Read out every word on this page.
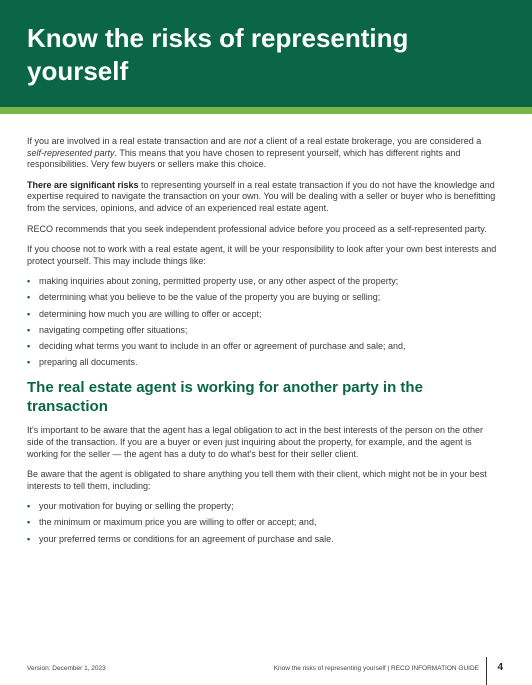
Know the risks of representing yourself

If you are involved in a real estate transaction and are not a client of a real estate brokerage, you are considered a self-represented party. This means that you have chosen to represent yourself, which has different rights and responsibilities. Very few buyers or sellers make this choice.

There are significant risks to representing yourself in a real estate transaction if you do not have the knowledge and expertise required to navigate the transaction on your own. You will be dealing with a seller or buyer who is benefitting from the services, opinions, and advice of an experienced real estate agent.

RECO recommends that you seek independent professional advice before you proceed as a self-represented party.

If you choose not to work with a real estate agent, it will be your responsibility to look after your own best interests and protect yourself. This may include things like:

• making inquiries about zoning, permitted property use, or any other aspect of the property;
• determining what you believe to be the value of the property you are buying or selling;
• determining how much you are willing to offer or accept;
• navigating competing offer situations;
• deciding what terms you want to include in an offer or agreement of purchase and sale; and,
• preparing all documents.
The real estate agent is working for another party in the transaction

It's important to be aware that the agent has a legal obligation to act in the best interests of the person on the other side of the transaction. If you are a buyer or even just inquiring about the property, for example, and the agent is working for the seller — the agent has a duty to do what's best for their seller client.

Be aware that the agent is obligated to share anything you tell them with their client, which might not be in your best interests to tell them, including:

• your motivation for buying or selling the property;
• the minimum or maximum price you are willing to offer or accept; and,
• your preferred terms or conditions for an agreement of purchase and sale.
Version: December 1, 2023	Know the risks of representing yourself | RECO INFORMATION GUIDE 4
